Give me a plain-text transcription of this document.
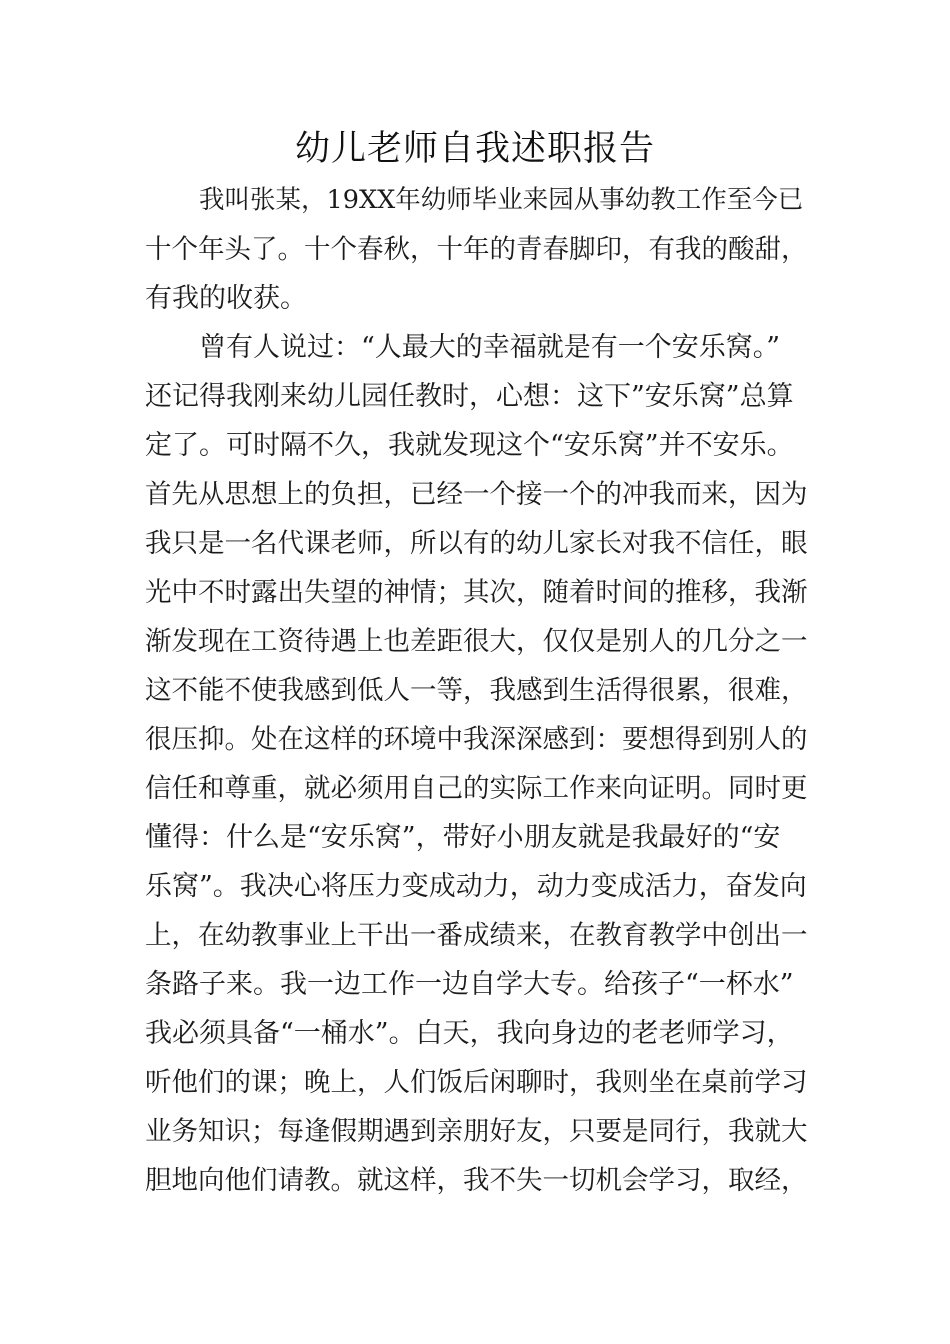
幼儿老师自我述职报告
我叫张某，19XX年幼师毕业来园从事幼教工作至今已
十个年头了。十个春秋，十年的青春脚印，有我的酸甜，
有我的收获。
曾有人说过：“人最大的幸福就是有一个安乐窝。”
还记得我刚来幼儿园任教时，心想：这下”安乐窝”总算
定了。可时隔不久，我就发现这个“安乐窝”并不安乐。
首先从思想上的负担，已经一个接一个的冲我而来，因为
我只是一名代课老师，所以有的幼儿家长对我不信任，眼
光中不时露出失望的神情；其次，随着时间的推移，我渐
渐发现在工资待遇上也差距很大，仅仅是别人的几分之一
这不能不使我感到低人一等，我感到生活得很累，很难，
很压抑。处在这样的环境中我深深感到：要想得到别人的
信任和尊重，就必须用自己的实际工作来向证明。同时更
懂得：什么是“安乐窝”，带好小朋友就是我最好的“安
乐窝”。我决心将压力变成动力，动力变成活力，奋发向
上，在幼教事业上干出一番成绩来，在教育教学中创出一
条路子来。我一边工作一边自学大专。给孩子“一杯水”
我必须具备“一桶水”。白天，我向身边的老老师学习，
听他们的课；晚上，人们饭后闲聊时，我则坐在桌前学习
业务知识；每逢假期遇到亲朋好友，只要是同行，我就大
胆地向他们请教。就这样，我不失一切机会学习，取经，
